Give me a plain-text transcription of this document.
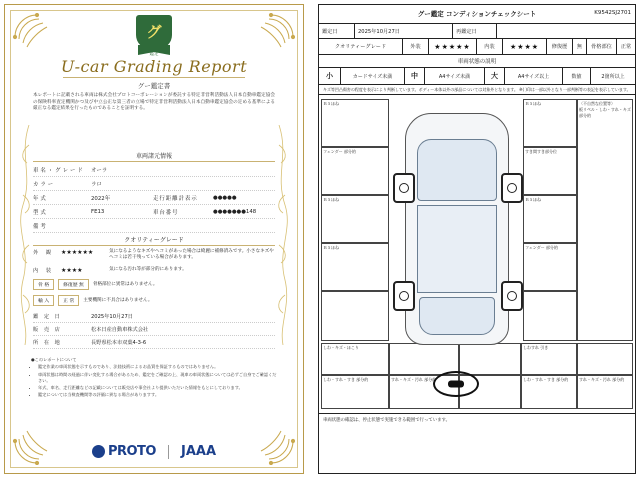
グ
鑑定
U-car Grading Report
グー鑑定書
本レポートに記載される車両は株式会社プロトコーポレーションが委託する特定非営利活動法人日本自動車鑑定協会の保険料率査定機関かつ及び中立公正な第三者の立場で特定非営利活動法人日本自動車鑑定協会の定める基準による厳正なる鑑定結果を行ったものであることを証明する。
車両諸元情報
車名・グレード	オーラ
カラー	ラロ
年式	2022年	走行距離計表示	●●●●●
型式	FE13	車台番号	●●●●●●●148
備考
クオリティーグレード
外 観	★★★★★★	気になるようなキズやヘコミがあった場合は綺麗に補修済みです。小さなキズやヘコミは若干残っている場合があります。
内 装	★★★★	気になる汚れ等が部分的にあります。
骨 格	修復歴 無	骨格部位に異常はありません。
輸 入	正 常	主要機関に不具合はありません。
鑑 定 日	2025年10月27日
販 売 店	松本日産自動車株式会社
所 在 地	長野県松本市双葉4-3-6
●このレポートについて
• 鑑定作業の車両状態を示すものであり、法陸技術によるお品質を保証するものではありません。
• 車両状態は時間の経過に伴い変化する場合があるため、鑑定をご確認の上、現車の車両状態については必ずご自身でご確認ください。
• 年式、車名、走行距離などの記載については販売店や事会社より提供いただいた情報をもとにしております。
• 鑑定については当検査機関等の評価に異なる場合がありますす。
PROTO JAAA
グー鑑定 コンディションチェックシート	K9542SJ2701
鑑定日	2025年10月27日	再鑑定日
クオリティーグレード	外装	★★★★★	内装	★★★★	修復歴	無	骨格部位	正常
車両状態の説明
小	カードサイズ未満	中	A4サイズ未満	大	A4サイズ以上	数値	2箇所以上
キズ等凹凸傷害の程度を表示により判断しています。ボディー本体以外の部品については対象外となります。 ※( )印は一部以外となり一部判断等の表記を表示しています。
Ｂ５ほね
フェンダー 部分的
Ｂ５ほね
Ｂ５ほね
Ｂ５ほね
すき間すき部分位
Ｂ５ほね
フェンダー 部分的
〈不自然な位置等〉
板リペル・しわ・すれ・キズ 部分的
しわ・キズ・ほこり
しわ・すれ・すき 部分的	すれ・キズ・汚れ 部分的
しわすれ 引き
しわ・すれ・すき 部分的	すれ・キズ・汚れ 部分的
車両状態の確認は、停止状態で実施できる範囲で行っています。
